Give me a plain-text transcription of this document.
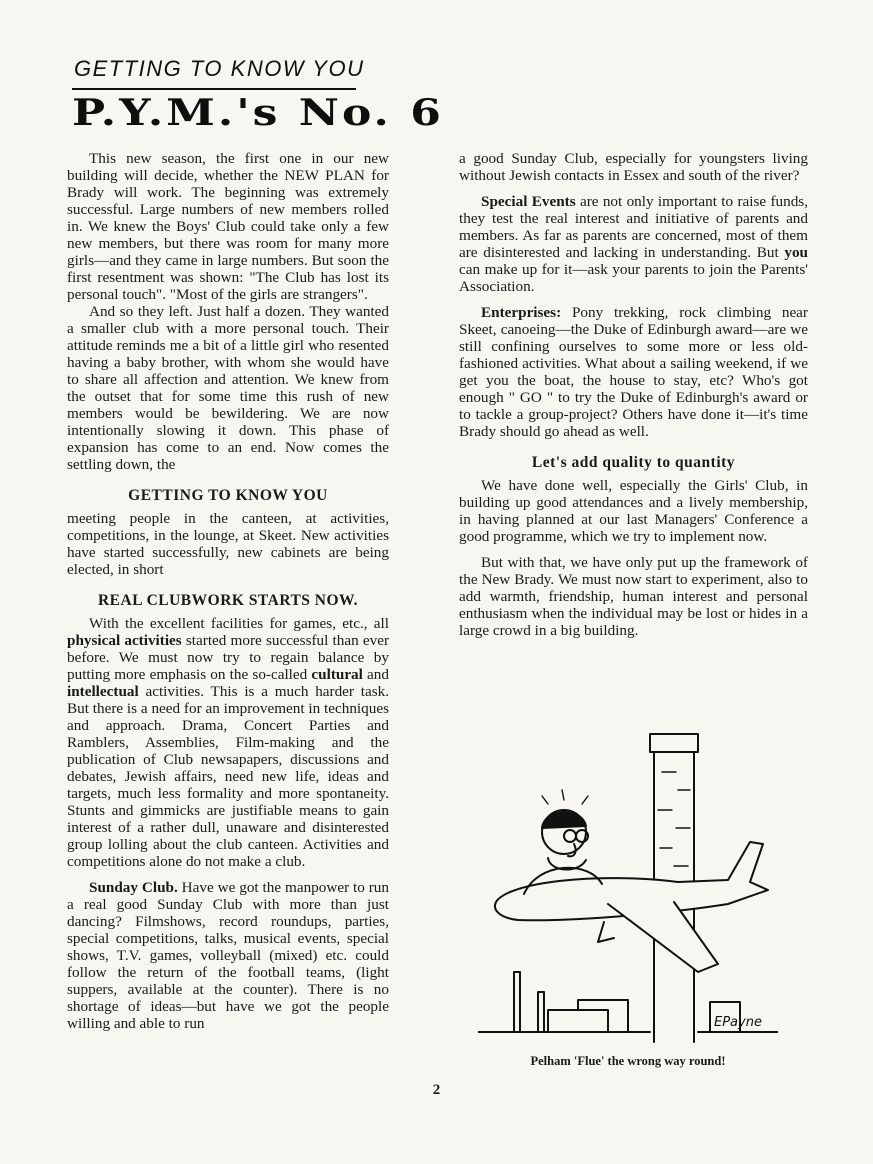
GETTING TO KNOW YOU
P.Y.M.'s No. 6

This new season, the first one in our new building will decide, whether the NEW PLAN for Brady will work. The beginning was extremely successful. Large numbers of new members rolled in. We knew the Boys' Club could take only a few new members, but there was room for many more girls—and they came in large numbers. But soon the first resentment was shown: "The Club has lost its personal touch". "Most of the girls are strangers".

And so they left. Just half a dozen. They wanted a smaller club with a more personal touch. Their attitude reminds me a bit of a little girl who resented having a baby brother, with whom she would have to share all affection and attention. We knew from the outset that for some time this rush of new members would be bewildering. We are now intentionally slowing it down. This phase of expansion has come to an end. Now comes the settling down, the

GETTING TO KNOW YOU

meeting people in the canteen, at activities, competitions, in the lounge, at Skeet. New activities have started successfully, new cabinets are being elected, in short

REAL CLUBWORK STARTS NOW.

With the excellent facilities for games, etc., all physical activities started more successful than ever before. We must now try to regain balance by putting more emphasis on the so-called cultural and intellectual activities. This is a much harder task. But there is a need for an improvement in techniques and approach. Drama, Concert Parties and Ramblers, Assemblies, Film-making and the publication of Club newsapapers, discussions and debates, Jewish affairs, need new life, ideas and targets, much less formality and more spontaneity. Stunts and gimmicks are justifiable means to gain interest of a rather dull, unaware and disinterested group lolling about the club canteen. Activities and competitions alone do not make a club.

Sunday Club. Have we got the manpower to run a real good Sunday Club with more than just dancing? Filmshows, record roundups, parties, special competitions, talks, musical events, special shows, T.V. games, volleyball (mixed) etc. could follow the return of the football teams, (light suppers, available at the counter). There is no shortage of ideas—but have we got the people willing and able to run

a good Sunday Club, especially for youngsters living without Jewish contacts in Essex and south of the river?

Special Events are not only important to raise funds, they test the real interest and initiative of parents and members. As far as parents are concerned, most of them are disinterested and lacking in understanding. But you can make up for it—ask your parents to join the Parents' Association.

Enterprises: Pony trekking, rock climbing near Skeet, canoeing—the Duke of Edinburgh award—are we still confining ourselves to some more or less old-fashioned activities. What about a sailing weekend, if we get you the boat, the house to stay, etc? Who's got enough " GO " to try the Duke of Edinburgh's award or to tackle a group-project? Others have done it—it's time Brady should go ahead as well.

Let's add quality to quantity

We have done well, especially the Girls' Club, in building up good attendances and a lively membership, in having planned at our last Managers' Conference a good programme, which we try to implement now.

But with that, we have only put up the framework of the New Brady. We must now start to experiment, also to add warmth, friendship, human interest and personal enthusiasm when the individual may be lost or hides in a large crowd in a big building.

EPayne
Pelham 'Flue' the wrong way round!
2
